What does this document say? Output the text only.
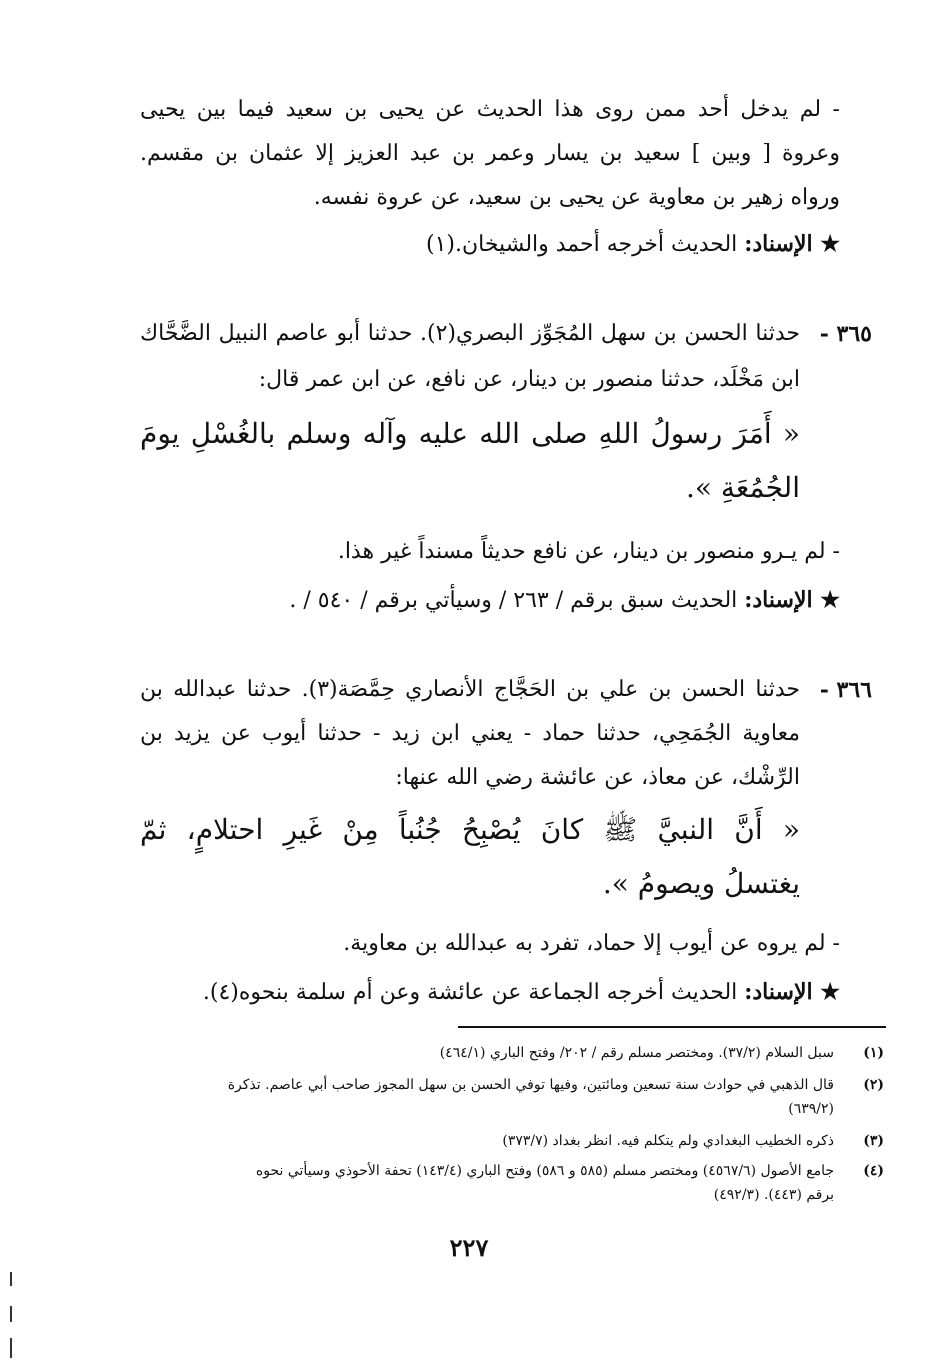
- لم يدخل أحد ممن روى هذا الحديث عن يحيى بن سعيد فيما بين يحيى
وعروة [ وبين ] سعيد بن يسار وعمر بن عبد العزيز إلا عثمان بن مقسم.
ورواه زهير بن معاوية عن يحيى بن سعيد، عن عروة نفسه.
★ الإسناد: الحديث أخرجه أحمد والشيخان.(١)
٣٦٥ -
حدثنا الحسن بن سهل المُجَوِّز البصري(٢). حدثنا أبو عاصم النبيل الضَّحَّاك
ابن مَخْلَد، حدثنا منصور بن دينار، عن نافع، عن ابن عمر قال:
« أَمَرَ رسولُ اللهِ صلى الله عليه وآله وسلم بالغُسْلِ يومَ
الجُمُعَةِ ».
- لم يـرو منصور بن دينار، عن نافع حديثاً مسنداً غير هذا.
★ الإسناد: الحديث سبق برقم / ٢٦٣ / وسيأتي برقم / ٥٤٠ / .
٣٦٦ -
حدثنا الحسن بن علي بن الحَجَّاج الأنصاري حِمَّصَة(٣). حدثنا عبدالله بن
معاوية الجُمَحِي، حدثنا حماد - يعني ابن زيد - حدثنا أيوب عن يزيد بن
الرِّشْك، عن معاذ، عن عائشة رضي الله عنها:
« أَنَّ النبيَّ ﷺ كانَ يُصْبِحُ جُنُباً مِنْ غَيرِ احتلامٍ، ثمّ
يغتسلُ ويصومُ ».
- لم يروه عن أيوب إلا حماد، تفرد به عبدالله بن معاوية.
★ الإسناد: الحديث أخرجه الجماعة عن عائشة وعن أم سلمة بنحوه(٤).
(١)
سبل السلام (٣٧/٢). ومختصر مسلم رقم / ٢٠٢/ وفتح الباري (٤٦٤/١)
(٢)
قال الذهبي في حوادث سنة تسعين ومائتين، وفيها توفي الحسن بن سهل المجوز صاحب أبي عاصم. تذكرة
(٦٣٩/٢)
(٣)
ذكره الخطيب البغدادي ولم يتكلم فيه. انظر بغداد (٣٧٣/٧)
(٤)
جامع الأصول (٤٥٦٧/٦) ومختصر مسلم (٥٨٥ و ٥٨٦) وفتح الباري (١٤٣/٤) تحفة الأحوذي وسيأتي نحوه
برقم (٤٤٣). (٤٩٢/٣)
٢٢٧
